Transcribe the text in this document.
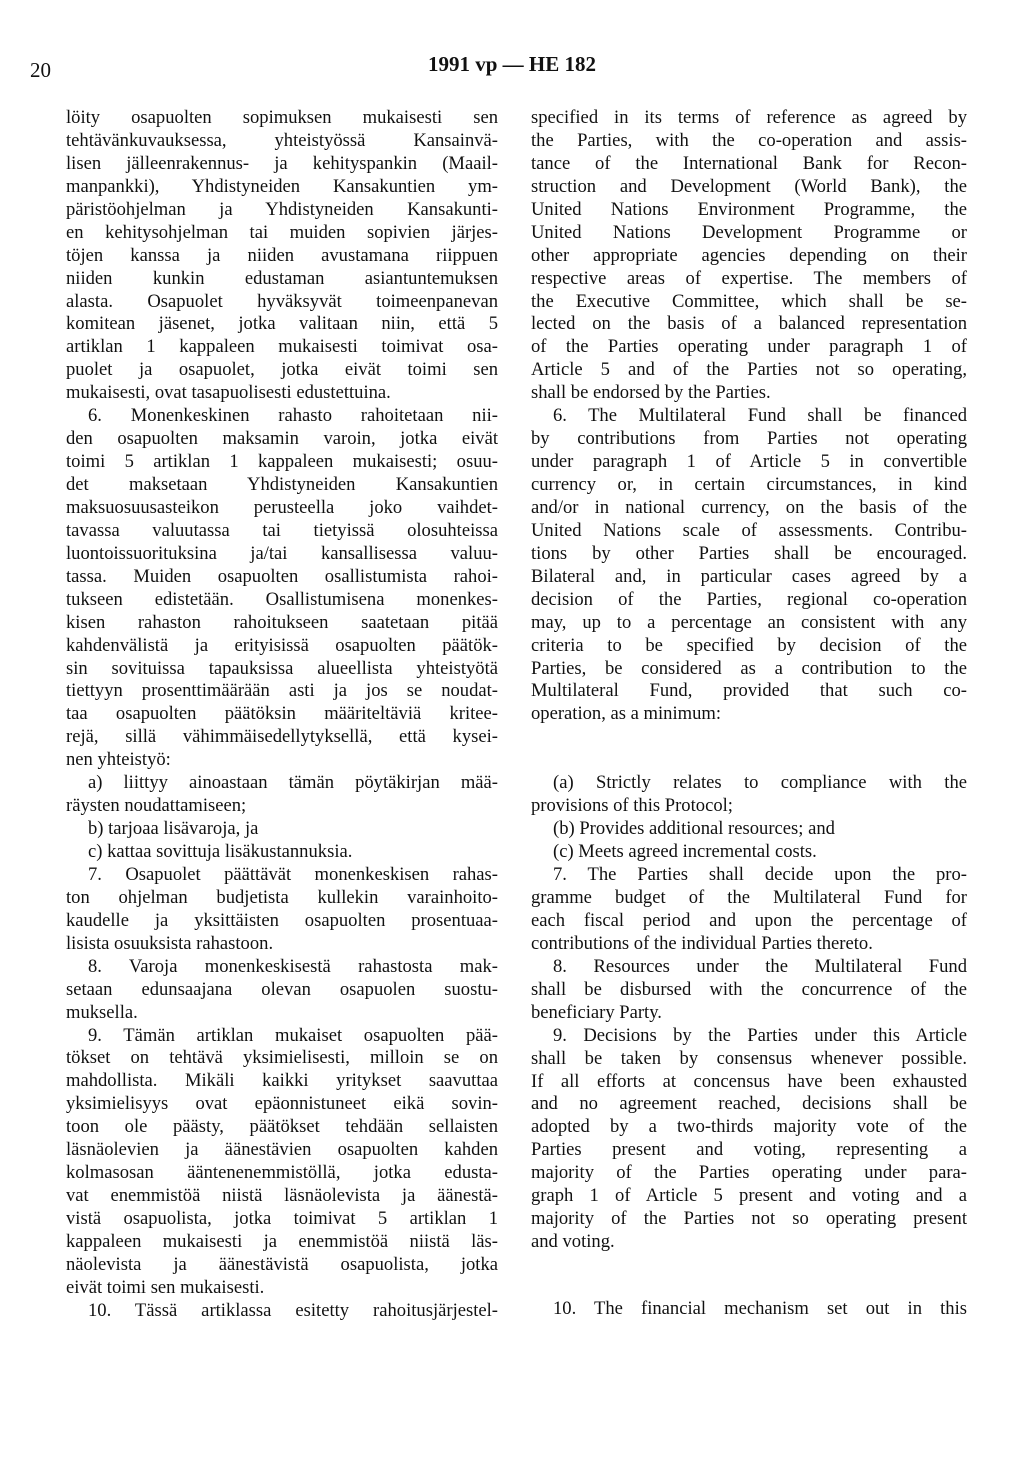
20	1991 vp — HE 182
löity osapuolten sopimuksen mukaisesti sen
tehtävänkuvauksessa, yhteistyössä Kansainvä-
lisen jälleenrakennus- ja kehityspankin (Maail-
manpankki), Yhdistyneiden Kansakuntien ym-
päristöohjelman ja Yhdistyneiden Kansakunti-
en kehitysohjelman tai muiden sopivien järjes-
töjen kanssa ja niiden avustamana riippuen
niiden kunkin edustaman asiantuntemuksen
alasta. Osapuolet hyväksyvät toimeenpanevan
komitean jäsenet, jotka valitaan niin, että 5
artiklan 1 kappaleen mukaisesti toimivat osa-
puolet ja osapuolet, jotka eivät toimi sen
mukaisesti, ovat tasapuolisesti edustettuina.
6. Monenkeskinen rahasto rahoitetaan nii-
den osapuolten maksamin varoin, jotka eivät
toimi 5 artiklan 1 kappaleen mukaisesti; osuu-
det maksetaan Yhdistyneiden Kansakuntien
maksuosuusasteikon perusteella joko vaihdet-
tavassa valuutassa tai tietyissä olosuhteissa
luontoissuorituksina ja/tai kansallisessa valuu-
tassa. Muiden osapuolten osallistumista rahoi-
tukseen edistetään. Osallistumisena monenkes-
kisen rahaston rahoitukseen saatetaan pitää
kahdenvälistä ja erityisissä osapuolten päätök-
sin sovituissa tapauksissa alueellista yhteistyötä
tiettyyn prosenttimäärään asti ja jos se noudat-
taa osapuolten päätöksin määriteltäviä kritee-
rejä, sillä vähimmäisedellytyksellä, että kysei-
nen yhteistyö:
a) liittyy ainoastaan tämän pöytäkirjan mää-
räysten noudattamiseen;
b) tarjoaa lisävaroja, ja
c) kattaa sovittuja lisäkustannuksia.
7. Osapuolet päättävät monenkeskisen rahas-
ton ohjelman budjetista kullekin varainhoito-
kaudelle ja yksittäisten osapuolten prosentuaa-
lisista osuuksista rahastoon.
8. Varoja monenkeskisestä rahastosta mak-
setaan edunsaajana olevan osapuolen suostu-
muksella.
9. Tämän artiklan mukaiset osapuolten pää-
tökset on tehtävä yksimielisesti, milloin se on
mahdollista. Mikäli kaikki yritykset saavuttaa
yksimielisyys ovat epäonnistuneet eikä sovin-
toon ole päästy, päätökset tehdään sellaisten
läsnäolevien ja äänestävien osapuolten kahden
kolmasosan ääntenenemmistöllä, jotka edusta-
vat enemmistöä niistä läsnäolevista ja äänestä-
vistä osapuolista, jotka toimivat 5 artiklan 1
kappaleen mukaisesti ja enemmistöä niistä läs-
näolevista ja äänestävistä osapuolista, jotka
eivät toimi sen mukaisesti.
10. Tässä artiklassa esitetty rahoitusjärjestel-
specified in its terms of reference as agreed by
the Parties, with the co-operation and assis-
tance of the International Bank for Recon-
struction and Development (World Bank), the
United Nations Environment Programme, the
United Nations Development Programme or
other appropriate agencies depending on their
respective areas of expertise. The members of
the Executive Committee, which shall be se-
lected on the basis of a balanced representation
of the Parties operating under paragraph 1 of
Article 5 and of the Parties not so operating,
shall be endorsed by the Parties.
6. The Multilateral Fund shall be financed
by contributions from Parties not operating
under paragraph 1 of Article 5 in convertible
currency or, in certain circumstances, in kind
and/or in national currency, on the basis of the
United Nations scale of assessments. Contribu-
tions by other Parties shall be encouraged.
Bilateral and, in particular cases agreed by a
decision of the Parties, regional co-operation
may, up to a percentage an consistent with any
criteria to be specified by decision of the
Parties, be considered as a contribution to the
Multilateral Fund, provided that such co-
operation, as a minimum:
(a) Strictly relates to compliance with the
provisions of this Protocol;
(b) Provides additional resources; and
(c) Meets agreed incremental costs.
7. The Parties shall decide upon the pro-
gramme budget of the Multilateral Fund for
each fiscal period and upon the percentage of
contributions of the individual Parties thereto.
8. Resources under the Multilateral Fund
shall be disbursed with the concurrence of the
beneficiary Party.
9. Decisions by the Parties under this Article
shall be taken by consensus whenever possible.
If all efforts at concensus have been exhausted
and no agreement reached, decisions shall be
adopted by a two-thirds majority vote of the
Parties present and voting, representing a
majority of the Parties operating under para-
graph 1 of Article 5 present and voting and a
majority of the Parties not so operating present
and voting.
10. The financial mechanism set out in this
